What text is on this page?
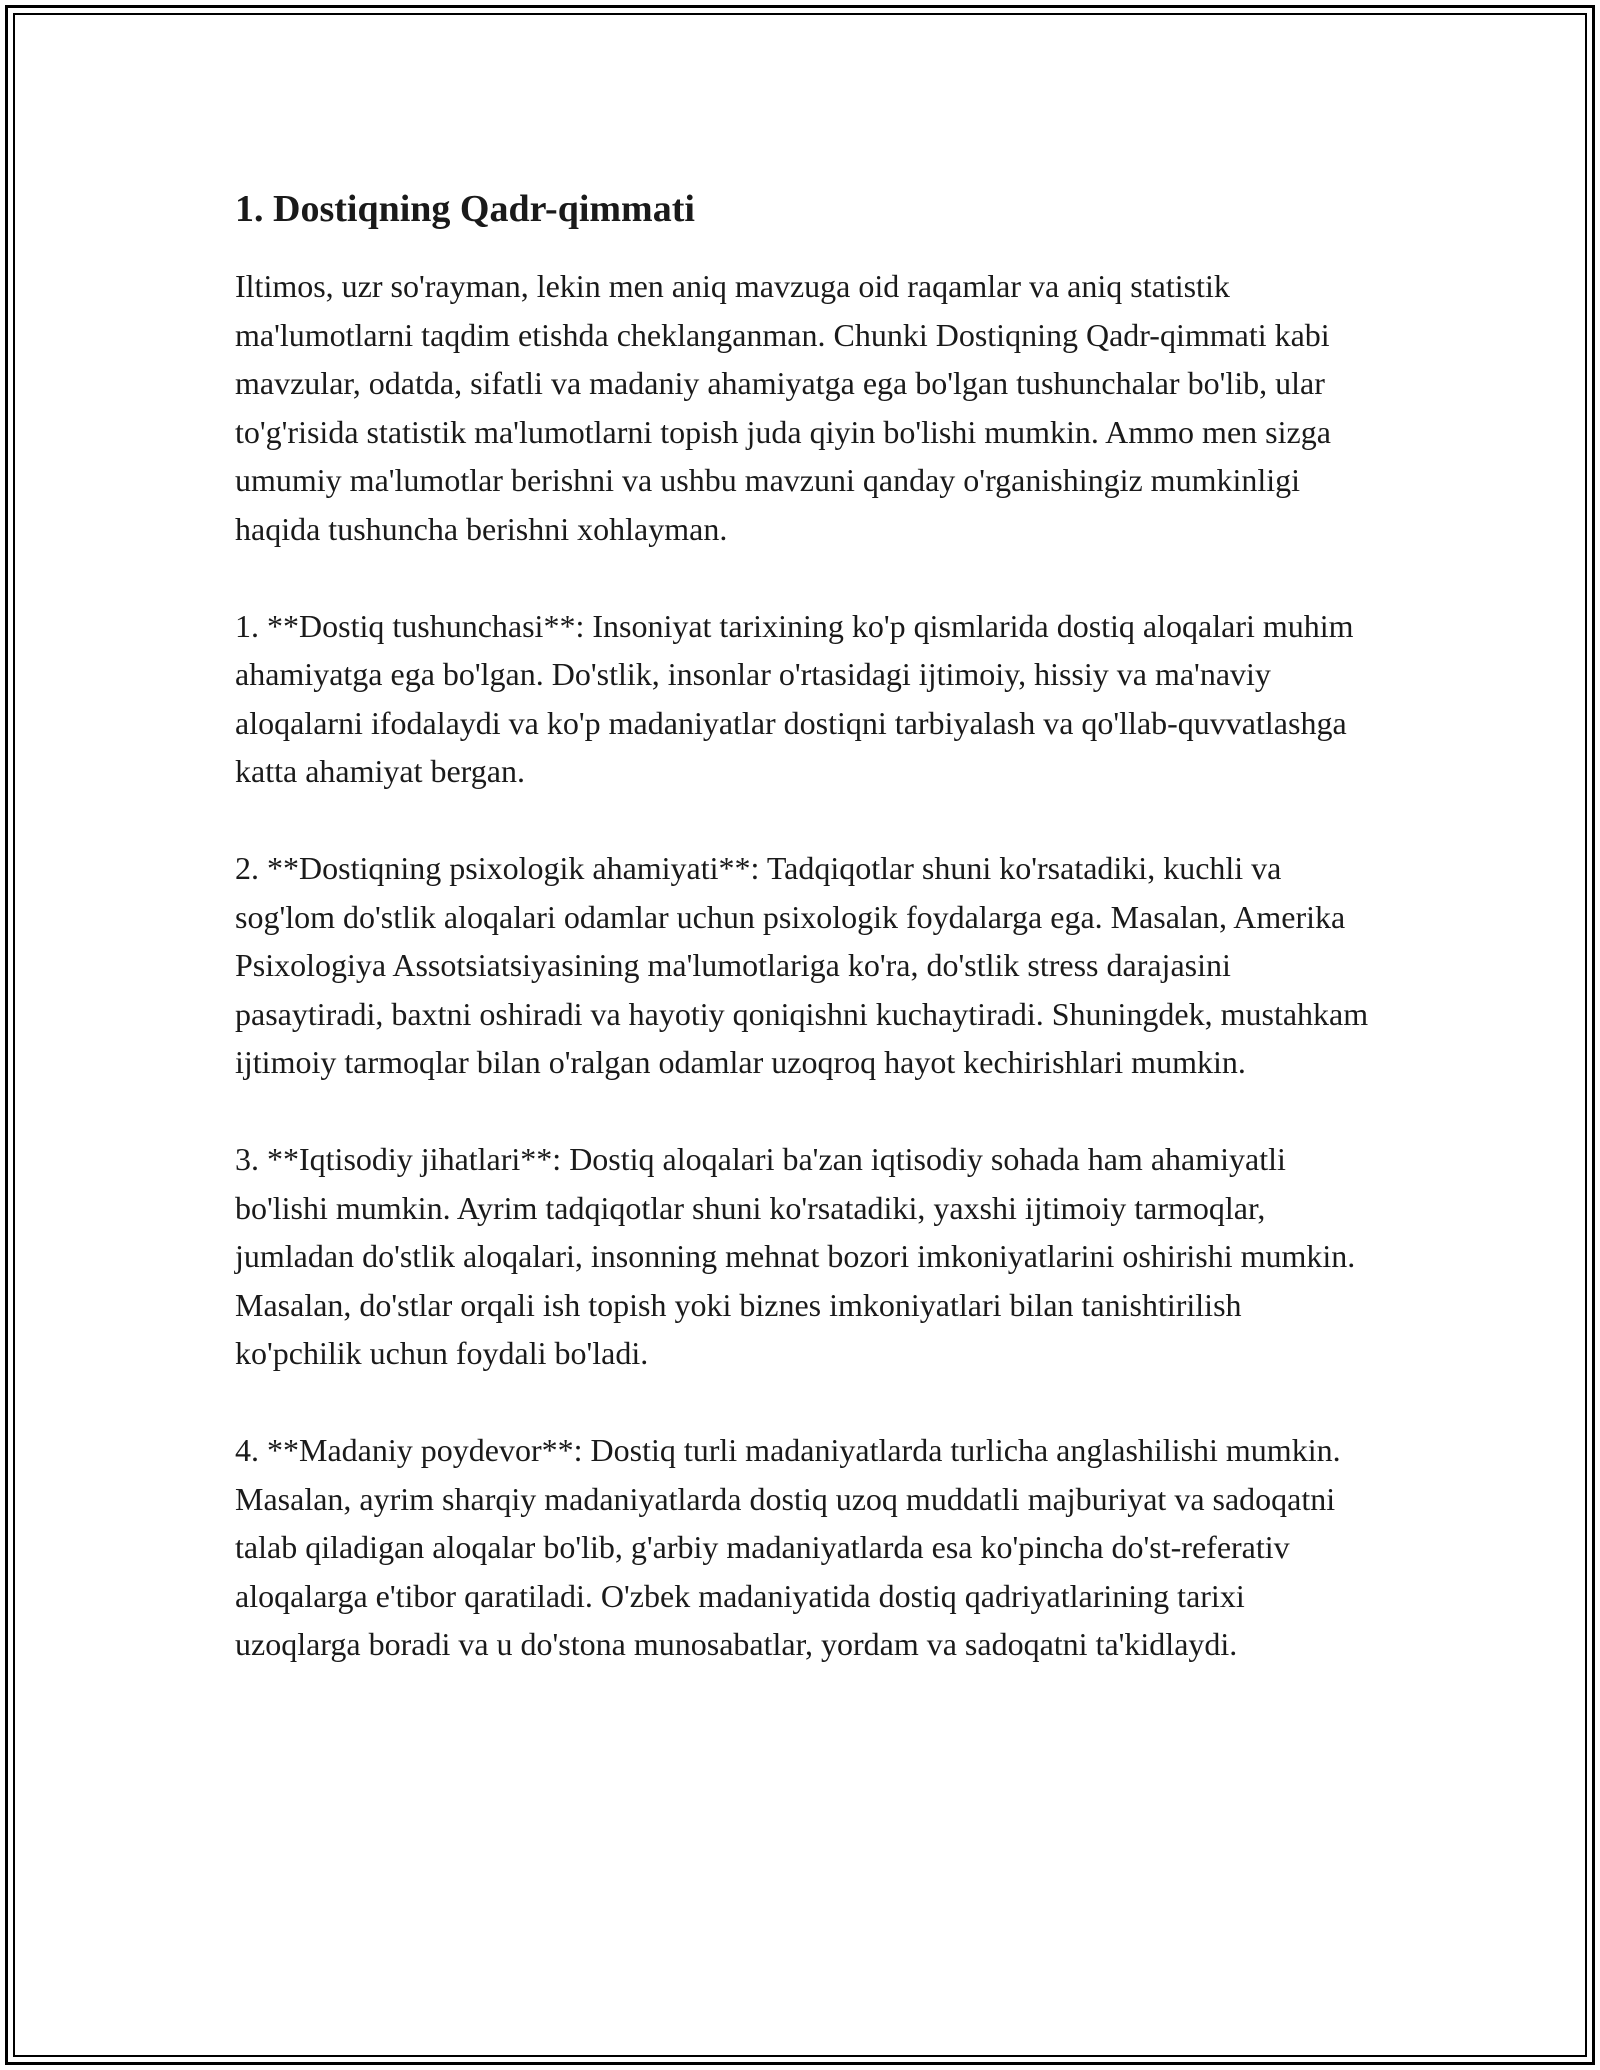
1. Dostiqning Qadr-qimmati

Iltimos, uzr so'rayman, lekin men aniq mavzuga oid raqamlar va aniq statistik ma'lumotlarni taqdim etishda cheklanganman. Chunki Dostiqning Qadr-qimmati kabi mavzular, odatda, sifatli va madaniy ahamiyatga ega bo'lgan tushunchalar bo'lib, ular to'g'risida statistik ma'lumotlarni topish juda qiyin bo'lishi mumkin. Ammo men sizga umumiy ma'lumotlar berishni va ushbu mavzuni qanday o'rganishingiz mumkinligi haqida tushuncha berishni xohlayman.

1. **Dostiq tushunchasi**: Insoniyat tarixining ko'p qismlarida dostiq aloqalari muhim ahamiyatga ega bo'lgan. Do'stlik, insonlar o'rtasidagi ijtimoiy, hissiy va ma'naviy aloqalarni ifodalaydi va ko'p madaniyatlar dostiqni tarbiyalash va qo'llab-quvvatlashga katta ahamiyat bergan.

2. **Dostiqning psixologik ahamiyati**: Tadqiqotlar shuni ko'rsatadiki, kuchli va sog'lom do'stlik aloqalari odamlar uchun psixologik foydalarga ega. Masalan, Amerika Psixologiya Assotsiatsiyasining ma'lumotlariga ko'ra, do'stlik stress darajasini pasaytiradi, baxtni oshiradi va hayotiy qoniqishni kuchaytiradi. Shuningdek, mustahkam ijtimoiy tarmoqlar bilan o'ralgan odamlar uzoqroq hayot kechirishlari mumkin.

3. **Iqtisodiy jihatlari**: Dostiq aloqalari ba'zan iqtisodiy sohada ham ahamiyatli bo'lishi mumkin. Ayrim tadqiqotlar shuni ko'rsatadiki, yaxshi ijtimoiy tarmoqlar, jumladan do'stlik aloqalari, insonning mehnat bozori imkoniyatlarini oshirishi mumkin. Masalan, do'stlar orqali ish topish yoki biznes imkoniyatlari bilan tanishtirilish ko'pchilik uchun foydali bo'ladi.

4. **Madaniy poydevor**: Dostiq turli madaniyatlarda turlicha anglashilishi mumkin. Masalan, ayrim sharqiy madaniyatlarda dostiq uzoq muddatli majburiyat va sadoqatni talab qiladigan aloqalar bo'lib, g'arbiy madaniyatlarda esa ko'pincha do'st-referativ aloqalarga e'tibor qaratiladi. O'zbek madaniyatida dostiq qadriyatlarining tarixi uzoqlarga boradi va u do'stona munosabatlar, yordam va sadoqatni ta'kidlaydi.
